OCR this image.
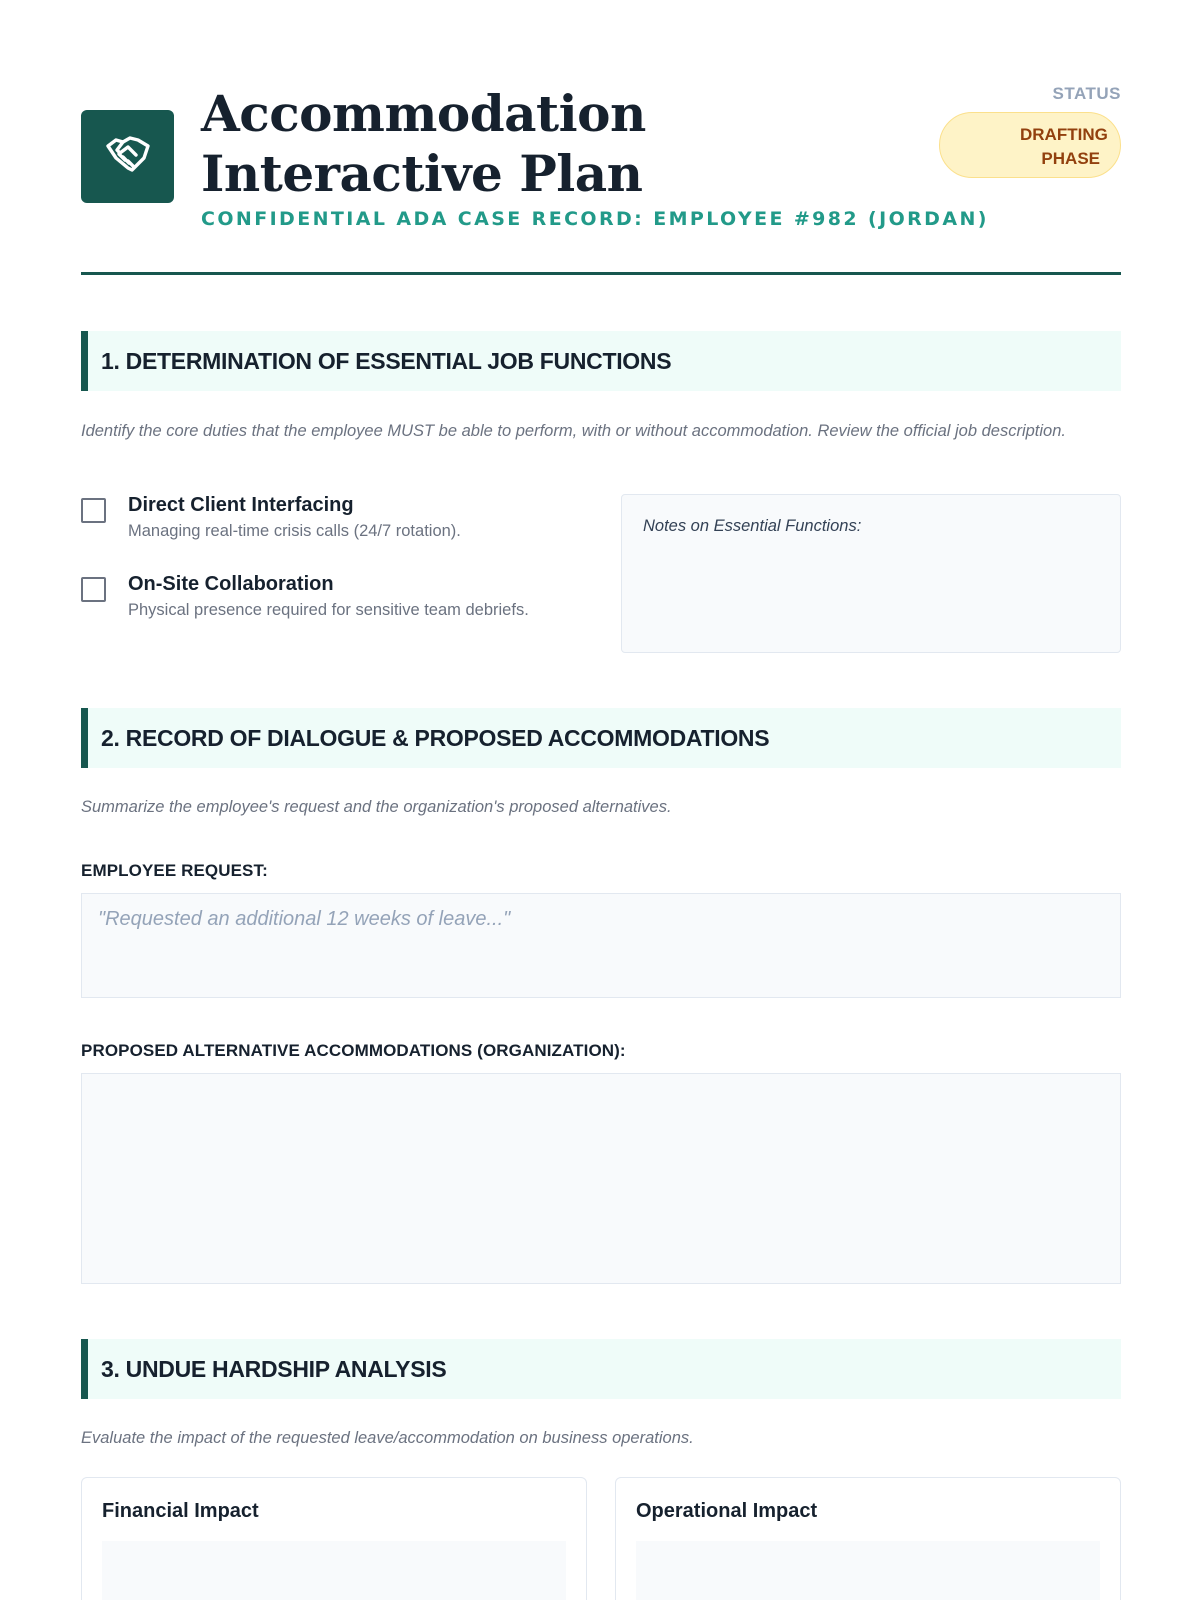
Accommodation Interactive Plan
CONFIDENTIAL ADA CASE RECORD: EMPLOYEE #982 (JORDAN)
STATUS
DRAFTING PHASE
1. DETERMINATION OF ESSENTIAL JOB FUNCTIONS
Identify the core duties that the employee MUST be able to perform, with or without accommodation. Review the official job description.
Direct Client Interfacing
Managing real-time crisis calls (24/7 rotation).
On-Site Collaboration
Physical presence required for sensitive team debriefs.
Notes on Essential Functions:
2. RECORD OF DIALOGUE & PROPOSED ACCOMMODATIONS
Summarize the employee's request and the organization's proposed alternatives.
EMPLOYEE REQUEST:
"Requested an additional 12 weeks of leave..."
PROPOSED ALTERNATIVE ACCOMMODATIONS (ORGANIZATION):
3. UNDUE HARDSHIP ANALYSIS
Evaluate the impact of the requested leave/accommodation on business operations.
Financial Impact	Operational Impact
